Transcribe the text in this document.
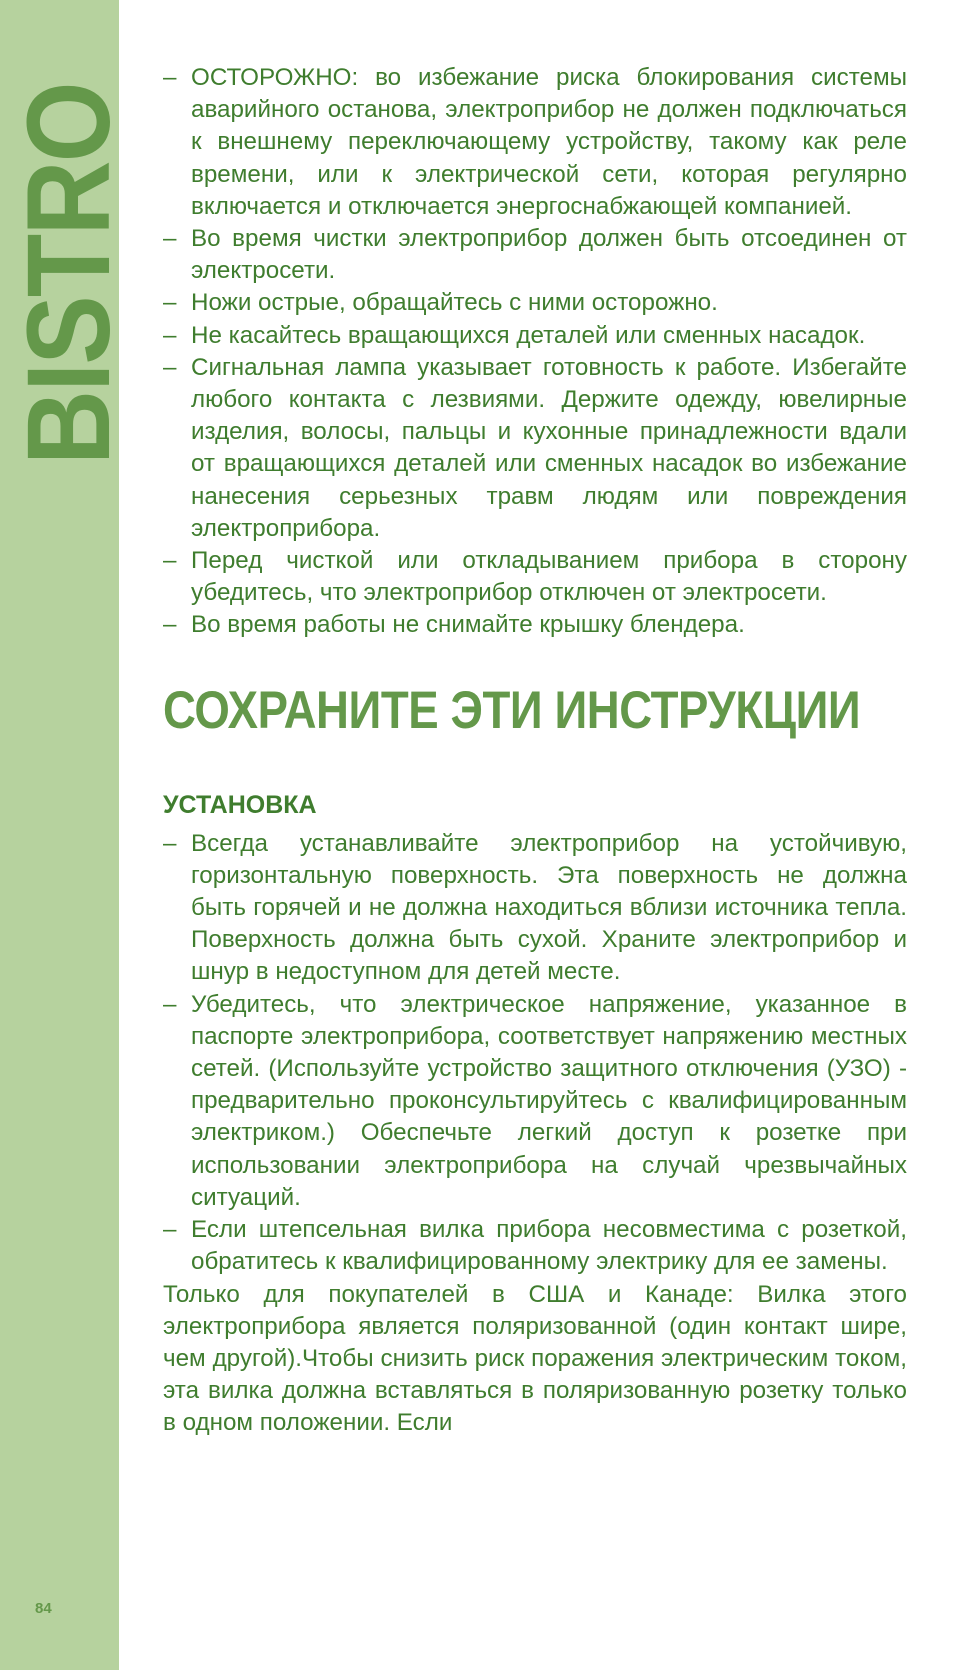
BISTRO
84
– ОСТОРОЖНО: во избежание риска блокирования системы аварийного останова, электроприбор не должен подключаться к внешнему переключающему устройству, такому как реле времени, или к электрической сети, которая регулярно включается и отключается энергоснабжающей компанией.
– Во время чистки электроприбор должен быть отсоединен от электросети.
– Ножи острые, обращайтесь с ними осторожно.
– Не касайтесь вращающихся деталей или сменных насадок.
– Сигнальная лампа указывает готовность к работе. Избегайте любого контакта с лезвиями. Держите одежду, ювелирные изделия, волосы, пальцы и кухонные принадлежности вдали от вращающихся деталей или сменных насадок во избежание нанесения серьезных травм людям или повреждения электроприбора.
– Перед чисткой или откладыванием прибора в сторону убедитесь, что электроприбор отключен от электросети.
– Во время работы не снимайте крышку блендера.
СОХРАНИТЕ ЭТИ ИНСТРУКЦИИ
УСТАНОВКА
– Всегда устанавливайте электроприбор на устойчивую, горизонтальную поверхность. Эта поверхность не должна быть горячей и не должна находиться вблизи источника тепла. Поверхность должна быть сухой. Храните электроприбор и шнур в недоступном для детей месте.
– Убедитесь, что электрическое напряжение, указанное в паспорте электроприбора, соответствует напряжению местных сетей. (Используйте устройство защитного отключения (УЗО) - предварительно проконсультируйтесь с квалифицированным электриком.) Обеспечьте легкий доступ к розетке при использовании электроприбора на случай чрезвычайных ситуаций.
– Если штепсельная вилка прибора несовместима с розеткой, обратитесь к квалифицированному электрику для ее замены.

Только для покупателей в США и Канаде: Вилка этого электроприбора является поляризованной (один контакт шире, чем другой).Чтобы снизить риск поражения электрическим током, эта вилка должна вставляться в поляризованную розетку только в одном положении. Если
